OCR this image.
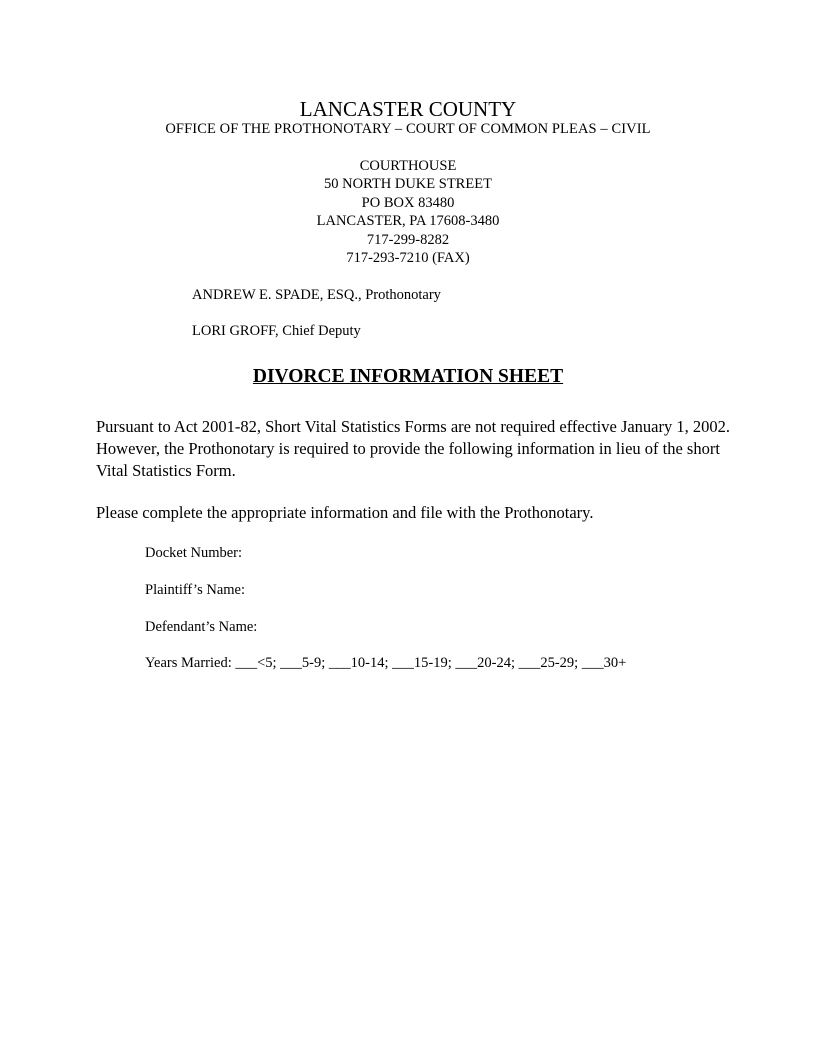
LANCASTER COUNTY
OFFICE OF THE PROTHONOTARY – COURT OF COMMON PLEAS – CIVIL
COURTHOUSE
50 NORTH DUKE STREET
PO BOX 83480
LANCASTER, PA 17608-3480
717-299-8282
717-293-7210 (FAX)
ANDREW E. SPADE, ESQ., Prothonotary
LORI GROFF, Chief Deputy
DIVORCE INFORMATION SHEET
Pursuant to Act 2001-82, Short Vital Statistics Forms are not required effective January 1, 2002. However, the Prothonotary is required to provide the following information in lieu of the short Vital Statistics Form.
Please complete the appropriate information and file with the Prothonotary.
Docket Number:
Plaintiff’s Name:
Defendant’s Name:
Years Married: ___<5; ___5-9; ___10-14; ___15-19; ___20-24; ___25-29; ___30+
